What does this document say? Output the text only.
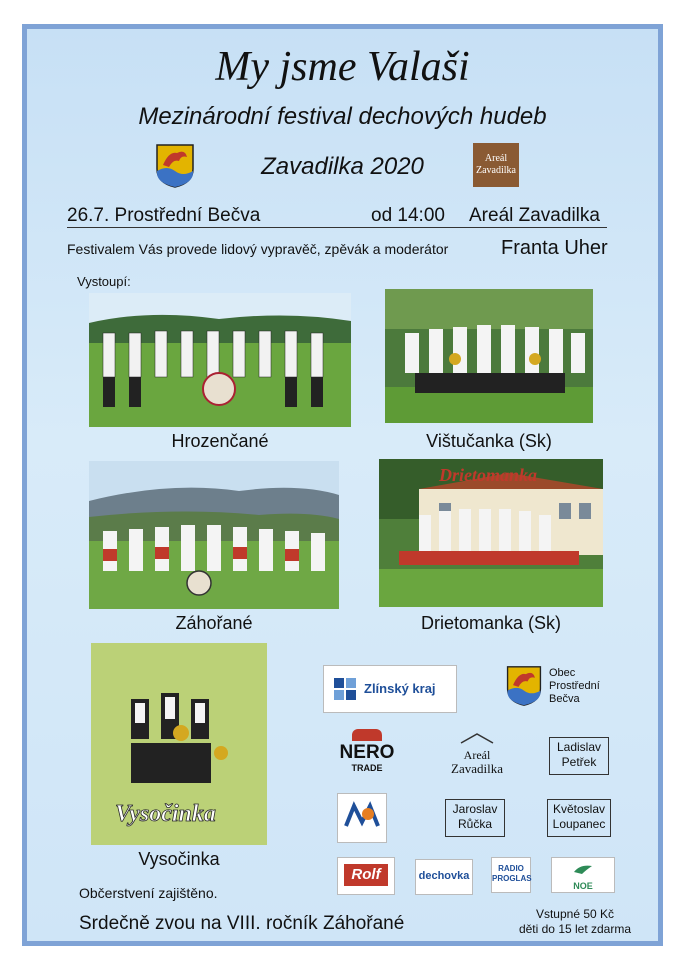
My jsme Valaši
Mezinárodní festival dechových hudeb
Zavadilka 2020	Areál
Zavadilka
26.7. Prostřední Bečva	od 14:00 Areál Zavadilka
Festivalem Vás provede lidový vypravěč, zpěvák a moderátor	Franta Uher
Vystoupí:
Hrozenčané	Vištučanka (Sk)
Záhořané
Drietomanka
Drietomanka (Sk)
Vysočinka
Vysočinka
Zlínský kraj
Obec
Prostřední
Bečva
NERO
TRADE
Areál
Zavadilka
Ladislav
Petřek
Jaroslav
Růčka
Květoslav
Loupanec
Rolf	dechovka
RADIO
PROGLAS
NOE
Občerstvení zajištěno.
Srdečně zvou na VIII. ročník Záhořané	Vstupné 50 Kč
děti do 15 let zdarma
